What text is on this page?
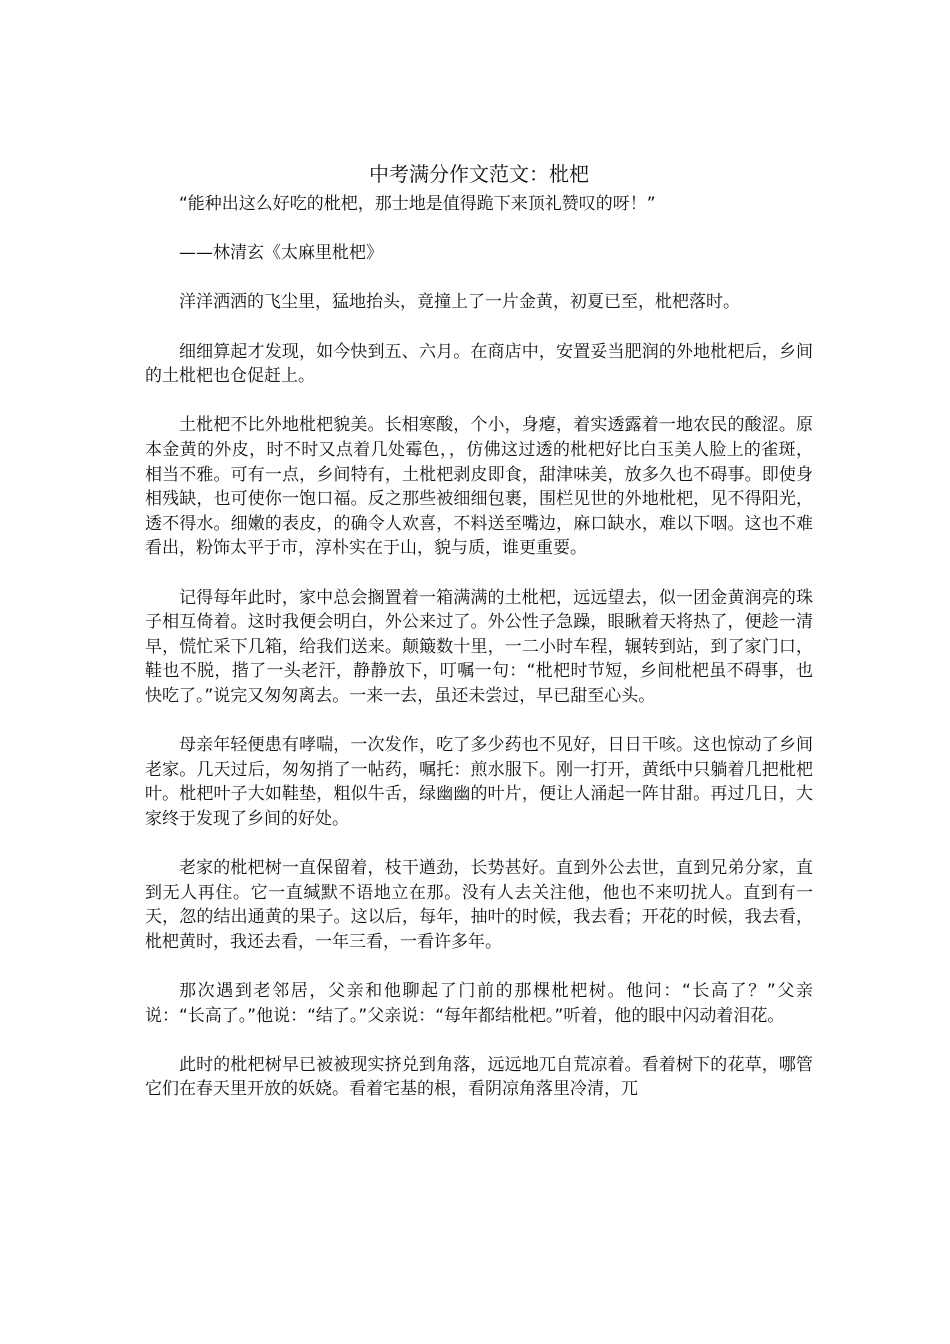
中考满分作文范文：枇杷

“能种出这么好吃的枇杷，那士地是值得跪下来顶礼赞叹的呀！”

——林清玄《太麻里枇杷》

洋洋洒洒的飞尘里，猛地抬头，竟撞上了一片金黄，初夏已至，枇杷落时。

细细算起才发现，如今快到五、六月。在商店中，安置妥当肥润的外地枇杷后，乡间的土枇杷也仓促赶上。

土枇杷不比外地枇杷貌美。长相寒酸，个小，身瘪，着实透露着一地农民的酸涩。原本金黄的外皮，时不时又点着几处霉色，，仿佛这过透的枇杷好比白玉美人脸上的雀斑，相当不雅。可有一点，乡间特有，土枇杷剥皮即食，甜津味美，放多久也不碍事。即使身相残缺，也可使你一饱口福。反之那些被细细包裹，围栏见世的外地枇杷，见不得阳光，透不得水。细嫩的表皮，的确令人欢喜，不料送至嘴边，麻口缺水，难以下咽。这也不难看出，粉饰太平于市，淳朴实在于山，貌与质，谁更重要。

记得每年此时，家中总会搁置着一箱满满的土枇杷，远远望去，似一团金黄润亮的珠子相互倚着。这时我便会明白，外公来过了。外公性子急躁，眼瞅着天将热了，便趁一清早，慌忙采下几箱，给我们送来。颠簸数十里，一二小时车程，辗转到站，到了家门口，鞋也不脱，揩了一头老汗，静静放下，叮嘱一句：“枇杷时节短，乡间枇杷虽不碍事，也快吃了。”说完又匆匆离去。一来一去，虽还未尝过，早已甜至心头。

母亲年轻便患有哮喘，一次发作，吃了多少药也不见好，日日干咳。这也惊动了乡间老家。几天过后，匆匆捎了一帖药，嘱托：煎水服下。刚一打开，黄纸中只躺着几把枇杷叶。枇杷叶子大如鞋垫，粗似牛舌，绿幽幽的叶片，便让人涌起一阵甘甜。再过几日，大家终于发现了乡间的好处。

老家的枇杷树一直保留着，枝干遒劲，长势甚好。直到外公去世，直到兄弟分家，直到无人再住。它一直缄默不语地立在那。没有人去关注他，他也不来叨扰人。直到有一天，忽的结出通黄的果子。这以后，每年，抽叶的时候，我去看；开花的时候，我去看，枇杷黄时，我还去看，一年三看，一看许多年。

那次遇到老邻居，父亲和他聊起了门前的那棵枇杷树。他问：“长高了？”父亲说：“长高了。”他说：“结了。”父亲说：“每年都结枇杷。”听着，他的眼中闪动着泪花。

此时的枇杷树早已被被现实挤兑到角落，远远地兀自荒凉着。看着树下的花草，哪管它们在春天里开放的妖娆。看着宅基的根，看阴凉角落里冷清，兀
